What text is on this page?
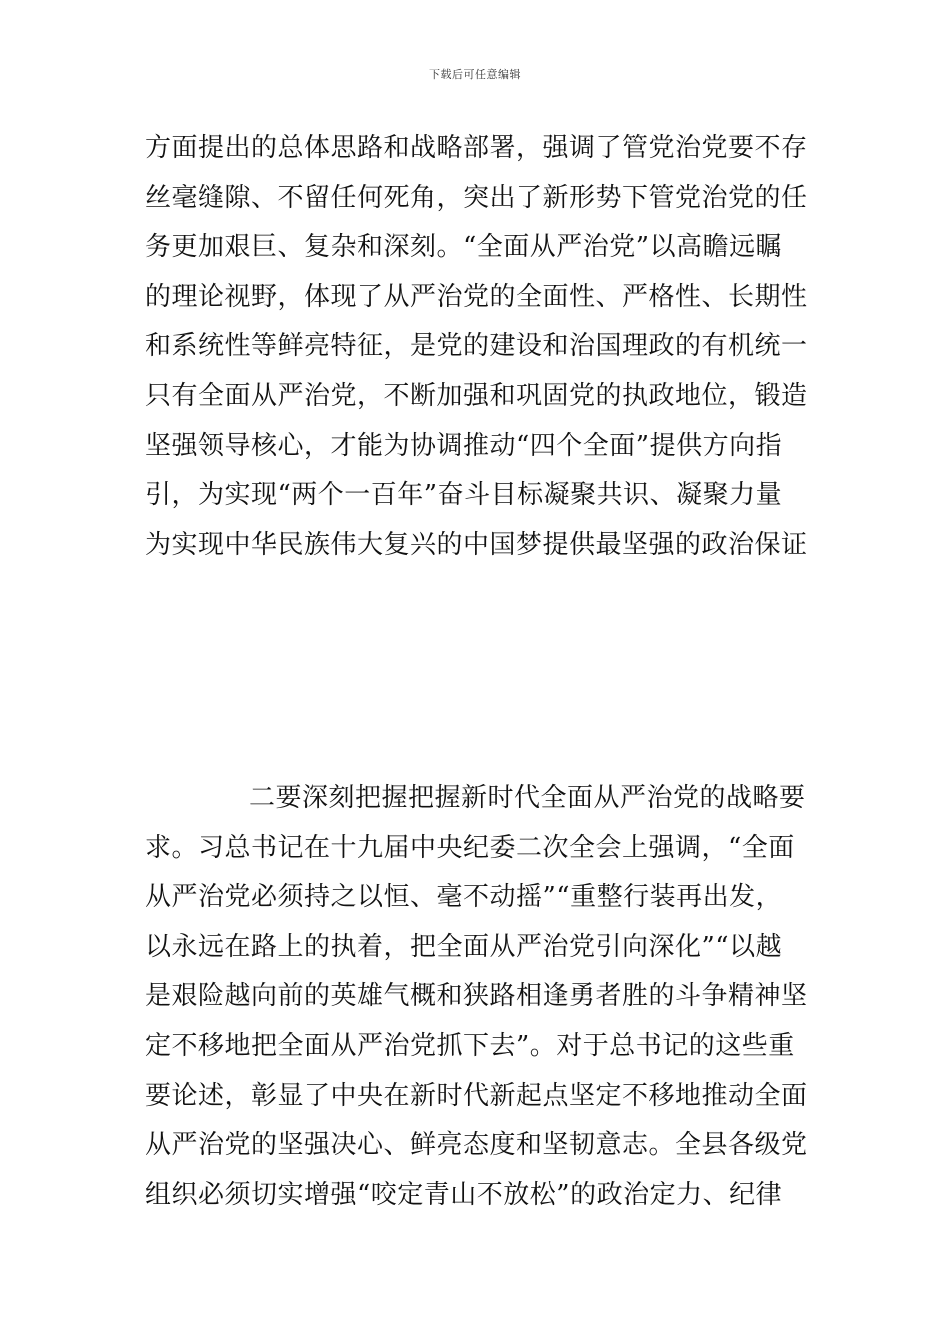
下载后可任意编辑
方面提出的总体思路和战略部署，强调了管党治党要不存
丝毫缝隙、不留任何死角，突出了新形势下管党治党的任
务更加艰巨、复杂和深刻。“全面从严治党”以高瞻远瞩
的理论视野，体现了从严治党的全面性、严格性、长期性
和系统性等鲜亮特征，是党的建设和治国理政的有机统一
只有全面从严治党，不断加强和巩固党的执政地位，锻造
坚强领导核心，才能为协调推动“四个全面”提供方向指
引，为实现“两个一百年”奋斗目标凝聚共识、凝聚力量
为实现中华民族伟大复兴的中国梦提供最坚强的政治保证
二要深刻把握把握新时代全面从严治党的战略要
求。习总书记在十九届中央纪委二次全会上强调，“全面
从严治党必须持之以恒、毫不动摇”“重整行装再出发，
以永远在路上的执着，把全面从严治党引向深化”“以越
是艰险越向前的英雄气概和狭路相逢勇者胜的斗争精神坚
定不移地把全面从严治党抓下去”。对于总书记的这些重
要论述，彰显了中央在新时代新起点坚定不移地推动全面
从严治党的坚强决心、鲜亮态度和坚韧意志。全县各级党
组织必须切实增强“咬定青山不放松”的政治定力、纪律
